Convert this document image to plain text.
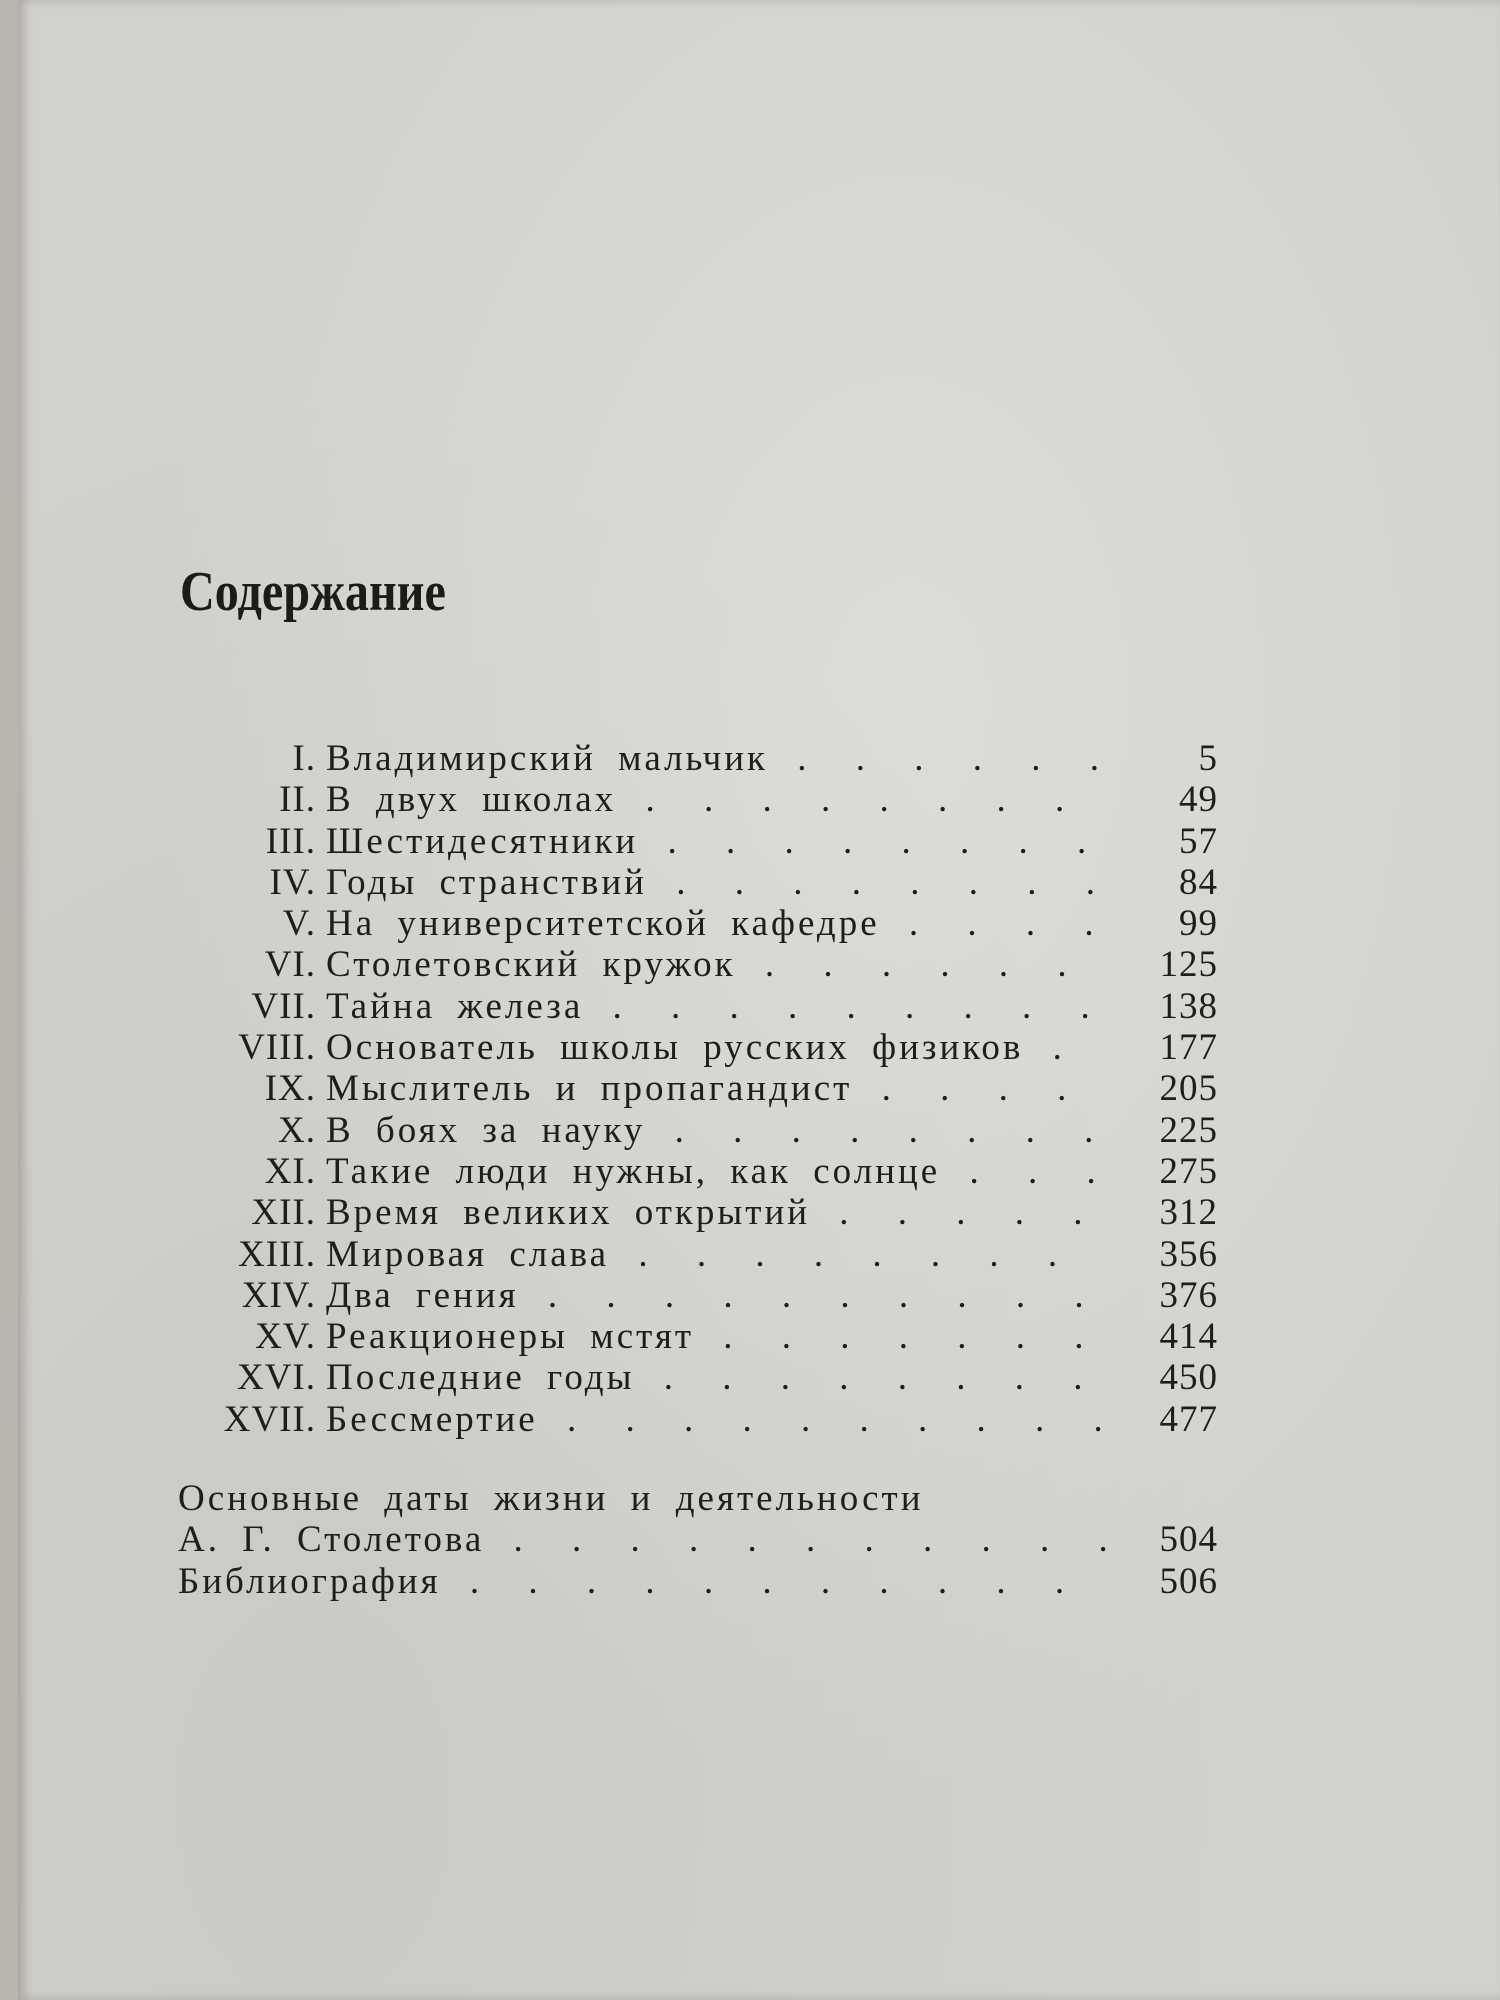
Содержание
I. Владимирский мальчик . . .	5
II. В двух школах . . .	49
III. Шестидесятники . . .	57
IV. Годы странствий . . .	84
V. На университетской кафедре . . .	99
VI. Столетовский кружок . . .	125
VII. Тайна железа . . .	138
VIII. Основатель школы русских физиков . . .	177
IX. Мыслитель и пропагандист . . .	205
X. В боях за науку . . .	225
XI. Такие люди нужны, как солнце . . .	275
XII. Время великих открытий . . .	312
XIII. Мировая слава . . .	356
XIV. Два гения . . .	376
XV. Реакционеры мстят . . .	414
XVI. Последние годы . . .	450
XVII. Бессмертие . . .	477
Основные даты жизни и деятельности
А. Г. Столетова . . .	504
Библиография . . .	506
